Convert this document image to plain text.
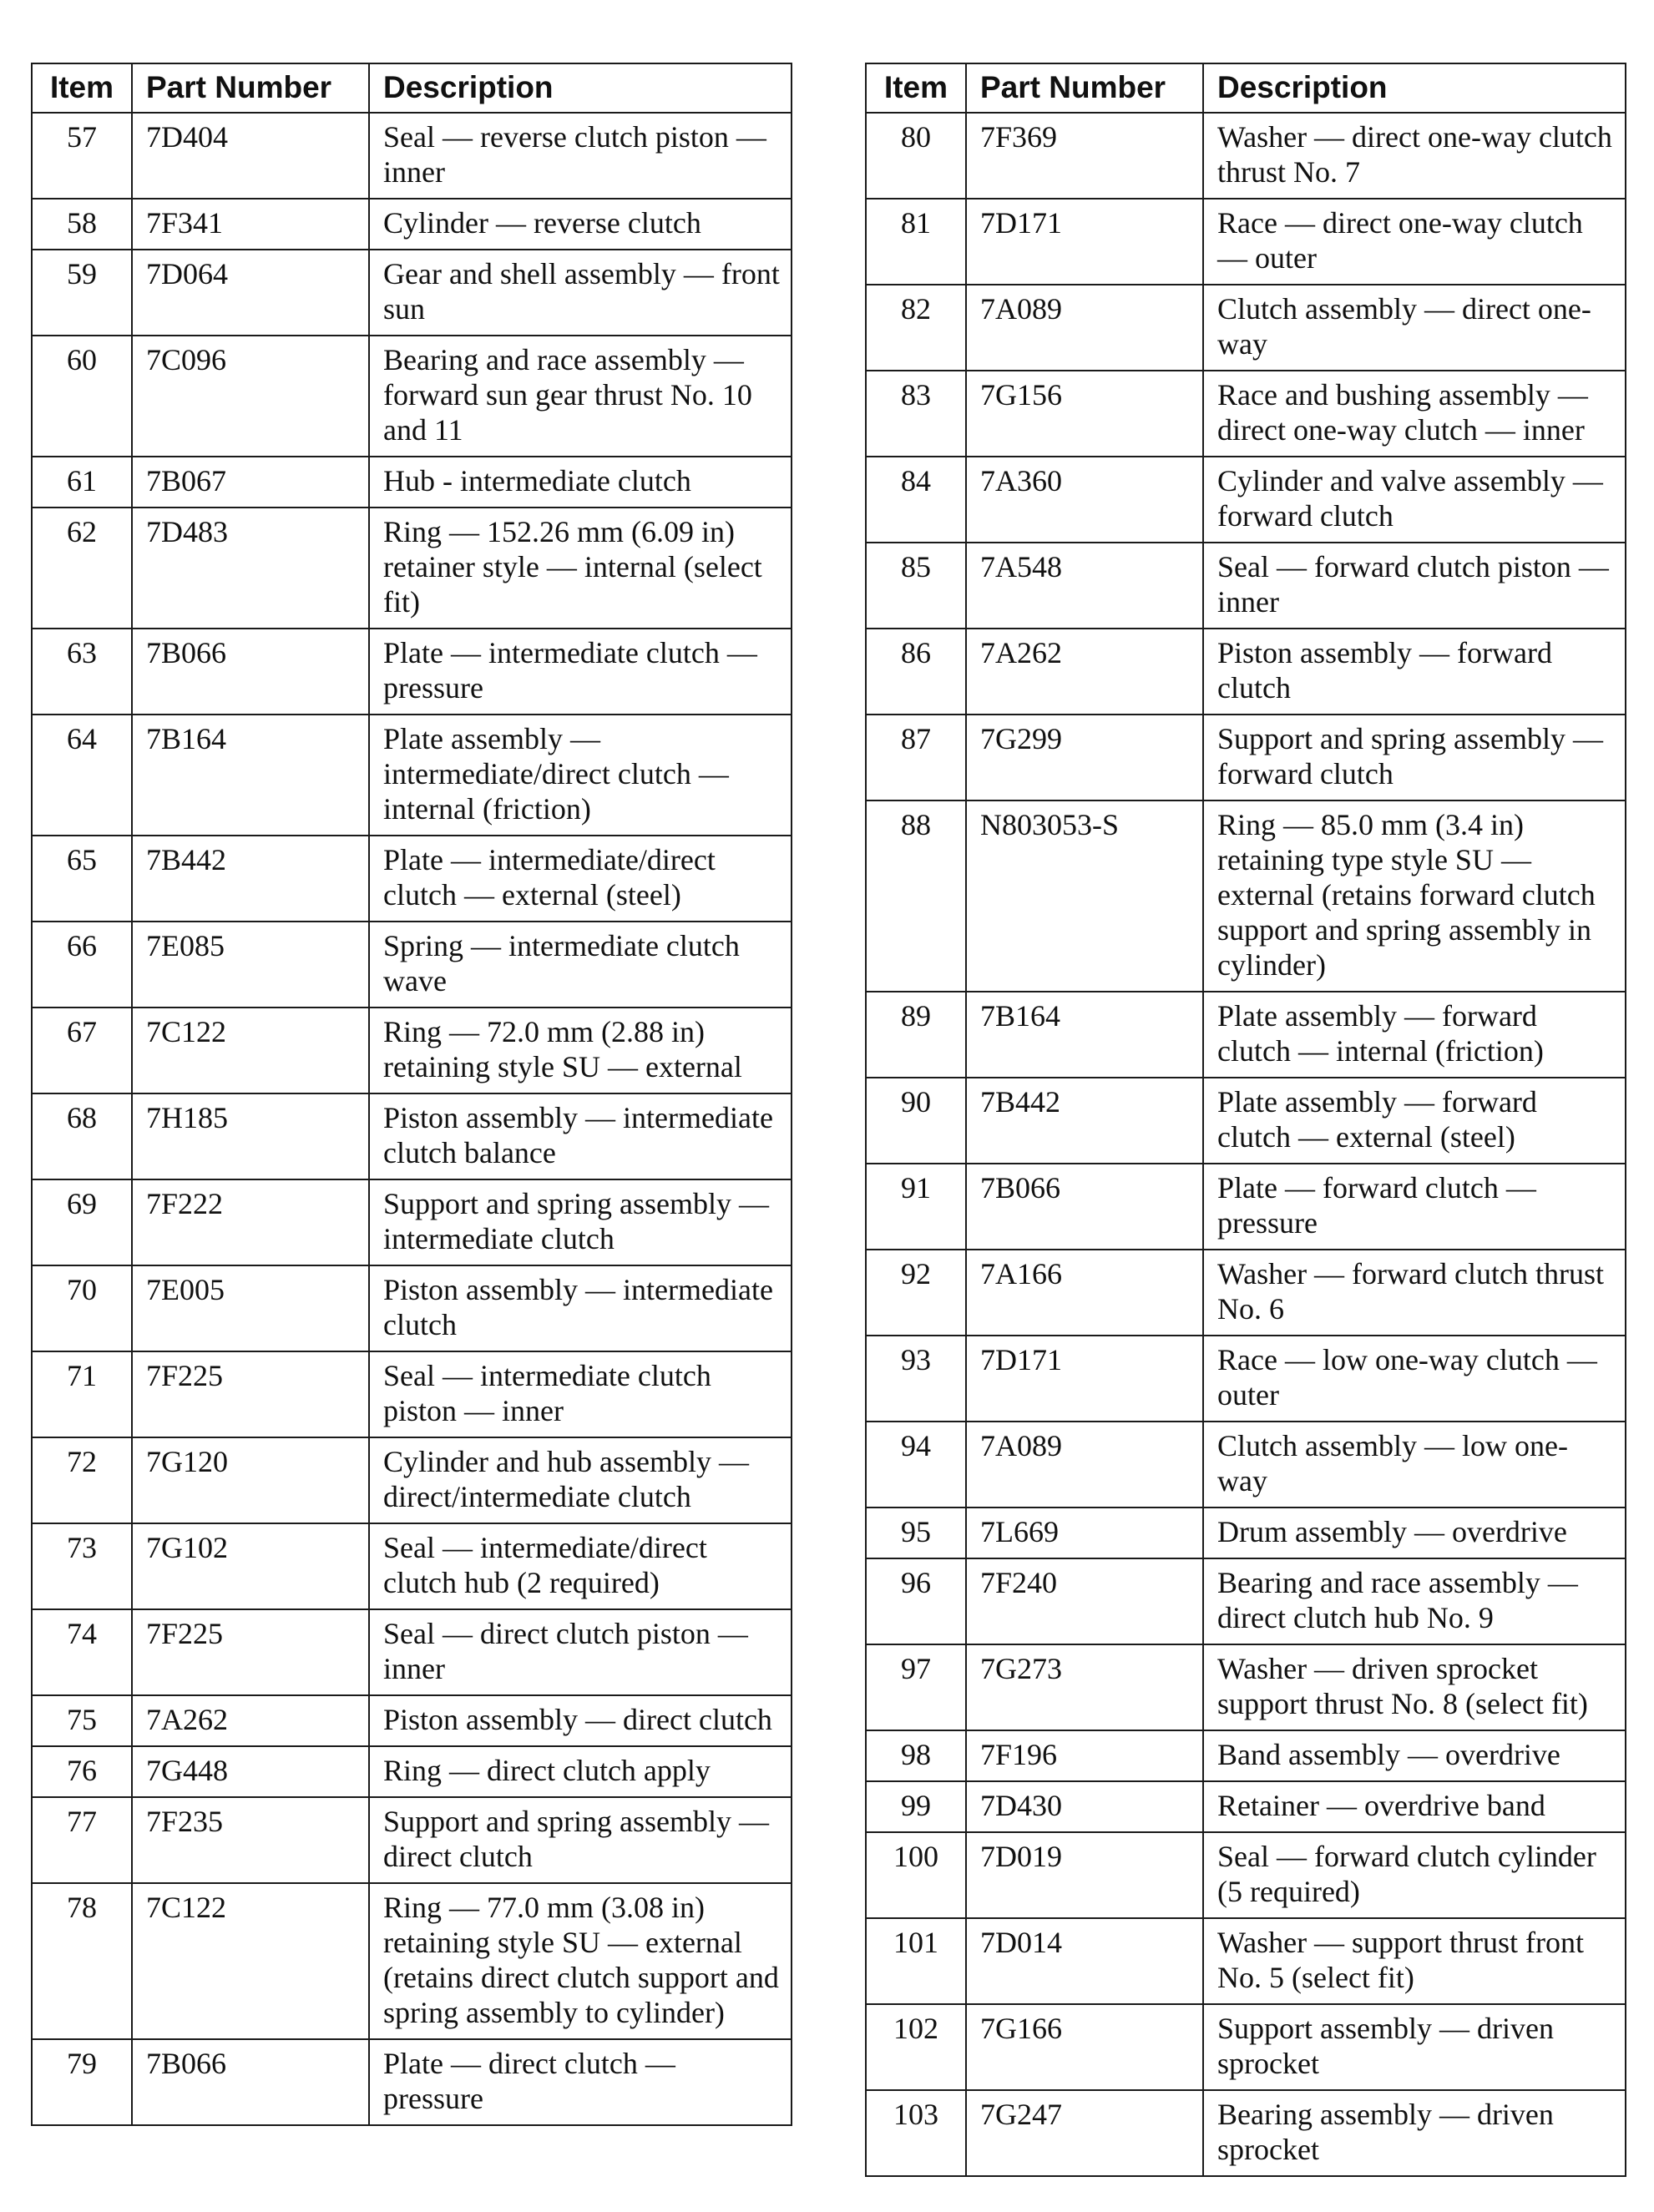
Item	Part Number	Description
57	7D404	Seal — reverse clutch piston — inner
58	7F341	Cylinder — reverse clutch
59	7D064	Gear and shell assembly — front sun
60	7C096	Bearing and race assembly — forward sun gear thrust No. 10 and 11
61	7B067	Hub - intermediate clutch
62	7D483	Ring — 152.26 mm (6.09 in) retainer style — internal (select fit)
63	7B066	Plate — intermediate clutch — pressure
64	7B164	Plate assembly — intermediate/direct clutch — internal (friction)
65	7B442	Plate — intermediate/direct clutch — external (steel)
66	7E085	Spring — intermediate clutch wave
67	7C122	Ring — 72.0 mm (2.88 in) retaining style SU — external
68	7H185	Piston assembly — intermediate clutch balance
69	7F222	Support and spring assembly — intermediate clutch
70	7E005	Piston assembly — intermediate clutch
71	7F225	Seal — intermediate clutch piston — inner
72	7G120	Cylinder and hub assembly — direct/intermediate clutch
73	7G102	Seal — intermediate/direct clutch hub (2 required)
74	7F225	Seal — direct clutch piston — inner
75	7A262	Piston assembly — direct clutch
76	7G448	Ring — direct clutch apply
77	7F235	Support and spring assembly — direct clutch
78	7C122	Ring — 77.0 mm (3.08 in) retaining style SU — external (retains direct clutch support and spring assembly to cylinder)
79	7B066	Plate — direct clutch — pressure
Item	Part Number	Description
80	7F369	Washer — direct one-way clutch thrust No. 7
81	7D171	Race — direct one-way clutch — outer
82	7A089	Clutch assembly — direct one-way
83	7G156	Race and bushing assembly — direct one-way clutch — inner
84	7A360	Cylinder and valve assembly — forward clutch
85	7A548	Seal — forward clutch piston — inner
86	7A262	Piston assembly — forward clutch
87	7G299	Support and spring assembly — forward clutch
88	N803053-S	Ring — 85.0 mm (3.4 in) retaining type style SU — external (retains forward clutch support and spring assembly in cylinder)
89	7B164	Plate assembly — forward clutch — internal (friction)
90	7B442	Plate assembly — forward clutch — external (steel)
91	7B066	Plate — forward clutch — pressure
92	7A166	Washer — forward clutch thrust No. 6
93	7D171	Race — low one-way clutch — outer
94	7A089	Clutch assembly — low one-way
95	7L669	Drum assembly — overdrive
96	7F240	Bearing and race assembly — direct clutch hub No. 9
97	7G273	Washer — driven sprocket support thrust No. 8 (select fit)
98	7F196	Band assembly — overdrive
99	7D430	Retainer — overdrive band
100	7D019	Seal — forward clutch cylinder (5 required)
101	7D014	Washer — support thrust front No. 5 (select fit)
102	7G166	Support assembly — driven sprocket
103	7G247	Bearing assembly — driven sprocket
